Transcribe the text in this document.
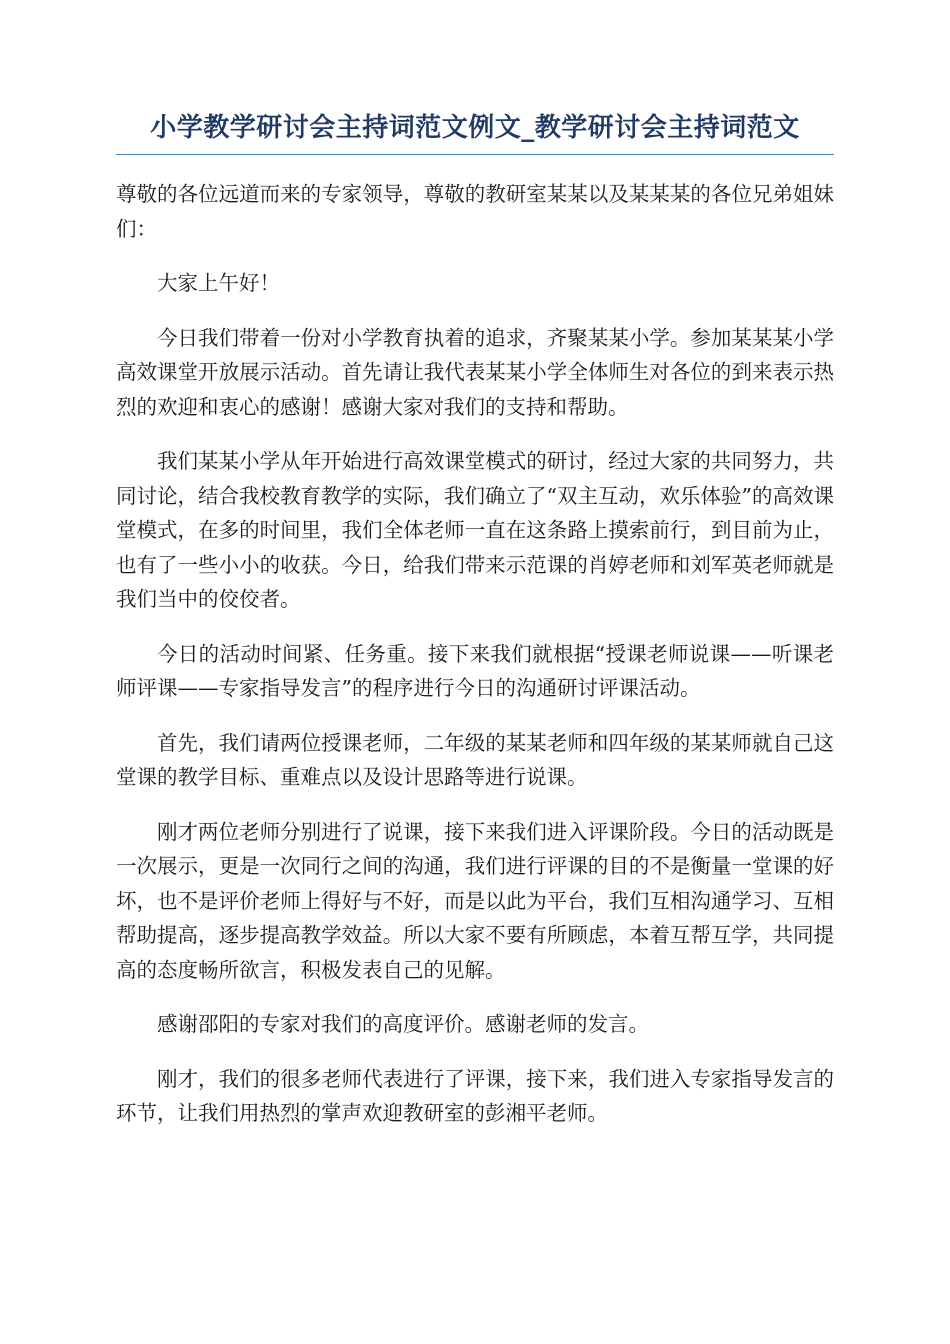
小学教学研讨会主持词范文例文_教学研讨会主持词范文

尊敬的各位远道而来的专家领导，尊敬的教研室某某以及某某某的各位兄弟姐妹们：

大家上午好！

今日我们带着一份对小学教育执着的追求，齐聚某某小学。参加某某某小学高效课堂开放展示活动。首先请让我代表某某小学全体师生对各位的到来表示热烈的欢迎和衷心的感谢！感谢大家对我们的支持和帮助。

我们某某小学从年开始进行高效课堂模式的研讨，经过大家的共同努力，共同讨论，结合我校教育教学的实际，我们确立了“双主互动，欢乐体验”的高效课堂模式，在多的时间里，我们全体老师一直在这条路上摸索前行，到目前为止，也有了一些小小的收获。今日，给我们带来示范课的肖婷老师和刘军英老师就是我们当中的佼佼者。

今日的活动时间紧、任务重。接下来我们就根据“授课老师说课——听课老师评课——专家指导发言”的程序进行今日的沟通研讨评课活动。

首先，我们请两位授课老师，二年级的某某老师和四年级的某某师就自己这堂课的教学目标、重难点以及设计思路等进行说课。

刚才两位老师分别进行了说课，接下来我们进入评课阶段。今日的活动既是一次展示，更是一次同行之间的沟通，我们进行评课的目的不是衡量一堂课的好坏，也不是评价老师上得好与不好，而是以此为平台，我们互相沟通学习、互相帮助提高，逐步提高教学效益。所以大家不要有所顾虑，本着互帮互学，共同提高的态度畅所欲言，积极发表自己的见解。

感谢邵阳的专家对我们的高度评价。感谢老师的发言。

刚才，我们的很多老师代表进行了评课，接下来，我们进入专家指导发言的环节，让我们用热烈的掌声欢迎教研室的彭湘平老师。
